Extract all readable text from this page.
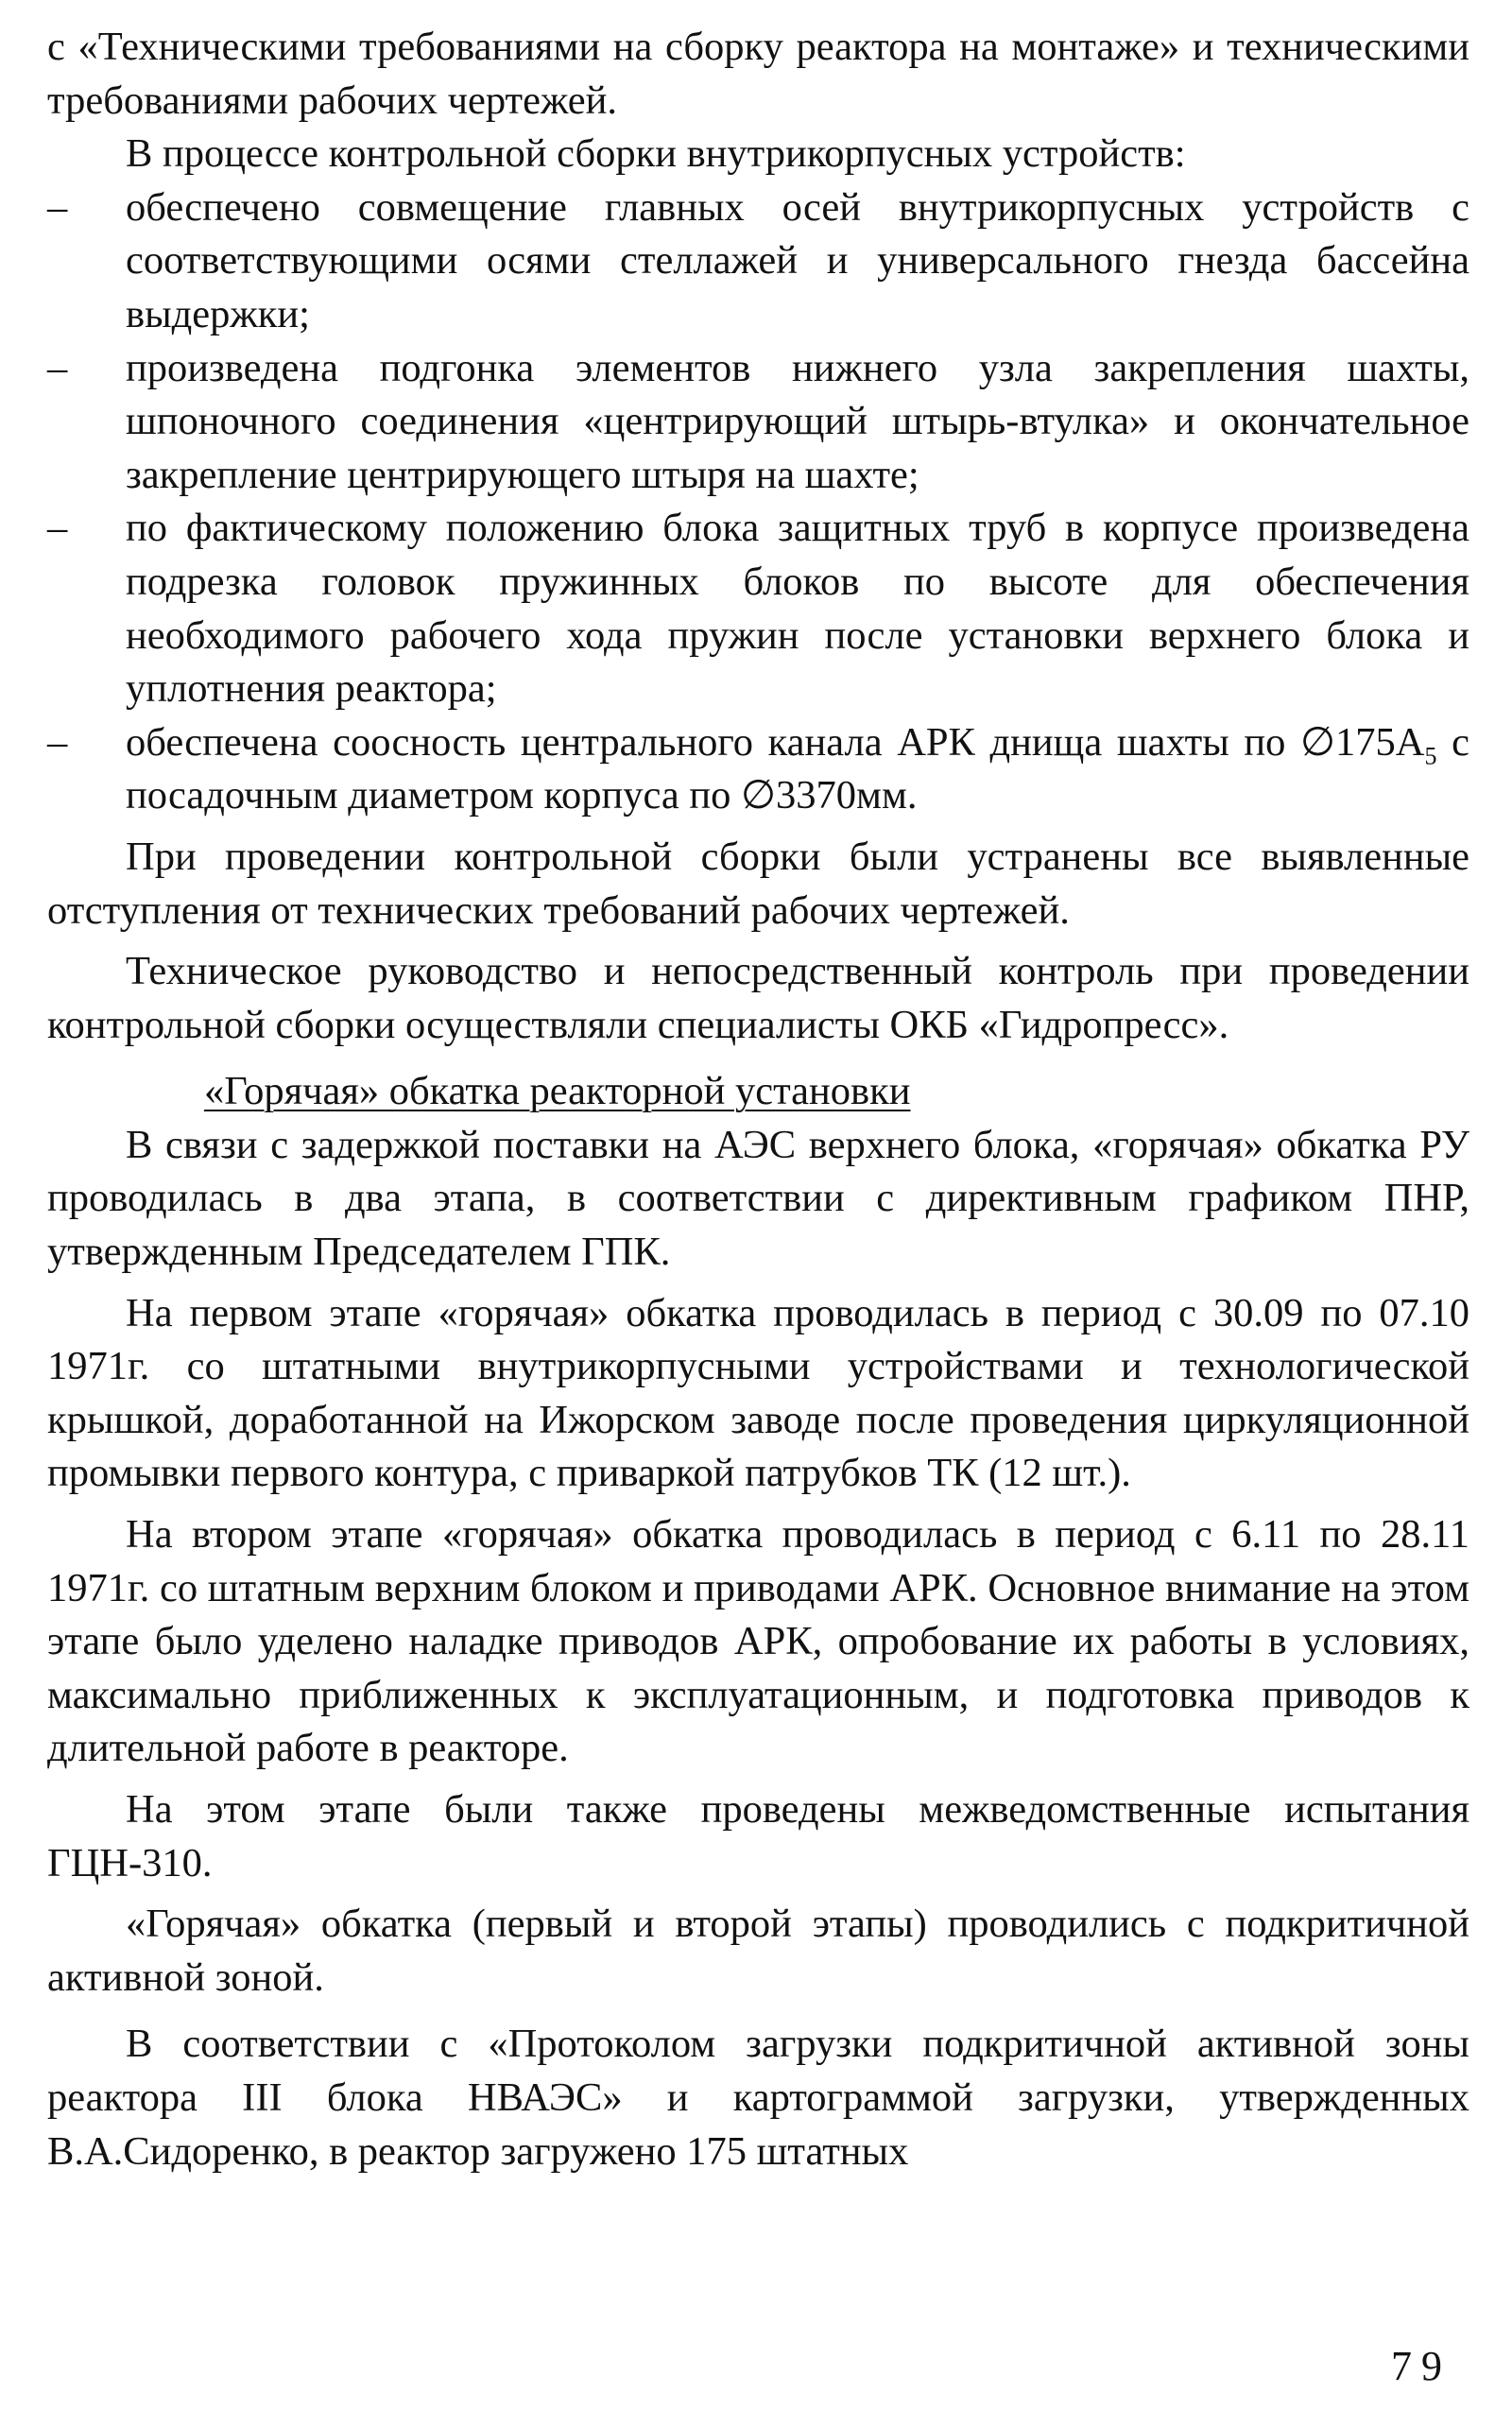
с «Техническими требованиями на сборку реактора на монтаже» и техническими требованиями рабочих чертежей.

В процессе контрольной сборки внутрикорпусных устройств:

–	обеспечено совмещение главных осей внутрикорпусных устройств с соответствующими осями стеллажей и универсального гнезда бассейна выдержки;
–	произведена подгонка элементов нижнего узла закрепления шахты, шпоночного соединения «центрирующий штырь-втулка» и окончательное закрепление центрирующего штыря на шахте;
–	по фактическому положению блока защитных труб в корпусе произведена подрезка головок пружинных блоков по высоте для обеспечения необходимого рабочего хода пружин после установки верхнего блока и уплотнения реактора;
–	обеспечена соосность центрального канала АРК днища шахты по $\emptyset 175А_5$ с посадочным диаметром корпуса по ∅3370мм.

При проведении контрольной сборки были устранены все выявленные отступления от технических требований рабочих чертежей.

Техническое руководство и непосредственный контроль при проведении контрольной сборки осуществляли специалисты ОКБ «Гидропресс».

«Горячая» обкатка реакторной установки

В связи с задержкой поставки на АЭС верхнего блока, «горячая» обкатка РУ проводилась в два этапа, в соответствии с директивным графиком ПНР, утвержденным Председателем ГПК.

На первом этапе «горячая» обкатка проводилась в период с 30.09 по 07.10 1971г. со штатными внутрикорпусными устройствами и технологической крышкой, доработанной на Ижорском заводе после проведения циркуляционной промывки первого контура, с приваркой патрубков ТК (12 шт.).

На втором этапе «горячая» обкатка проводилась в период с 6.11 по 28.11 1971г. со штатным верхним блоком и приводами АРК. Основное внимание на этом этапе было уделено наладке приводов АРК, опробование их работы в условиях, максимально приближенных к эксплуатационным, и подготовка приводов к длительной работе в реакторе.

На этом этапе были также проведены межведомственные испытания ГЦН-310.

«Горячая» обкатка (первый и второй этапы) проводились с подкритичной активной зоной.

В соответствии с «Протоколом загрузки подкритичной активной зоны реактора III блока НВАЭС» и картограммой загрузки, утвержденных В.А.Сидоренко, в реактор загружено 175 штатных

79
